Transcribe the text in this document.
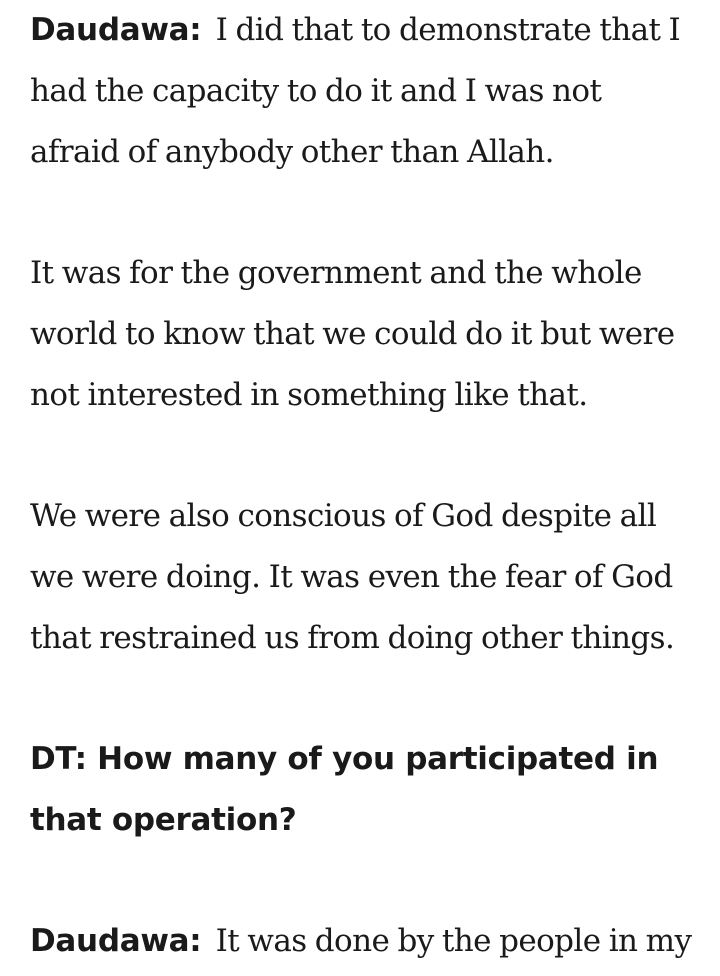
Daudawa: I did that to demonstrate that I had the capacity to do it and I was not afraid of anybody other than Allah.

It was for the government and the whole world to know that we could do it but were not interested in something like that.

We were also conscious of God despite all we were doing. It was even the fear of God that restrained us from doing other things.

DT: How many of you participated in that operation?

Daudawa: It was done by the people in my
